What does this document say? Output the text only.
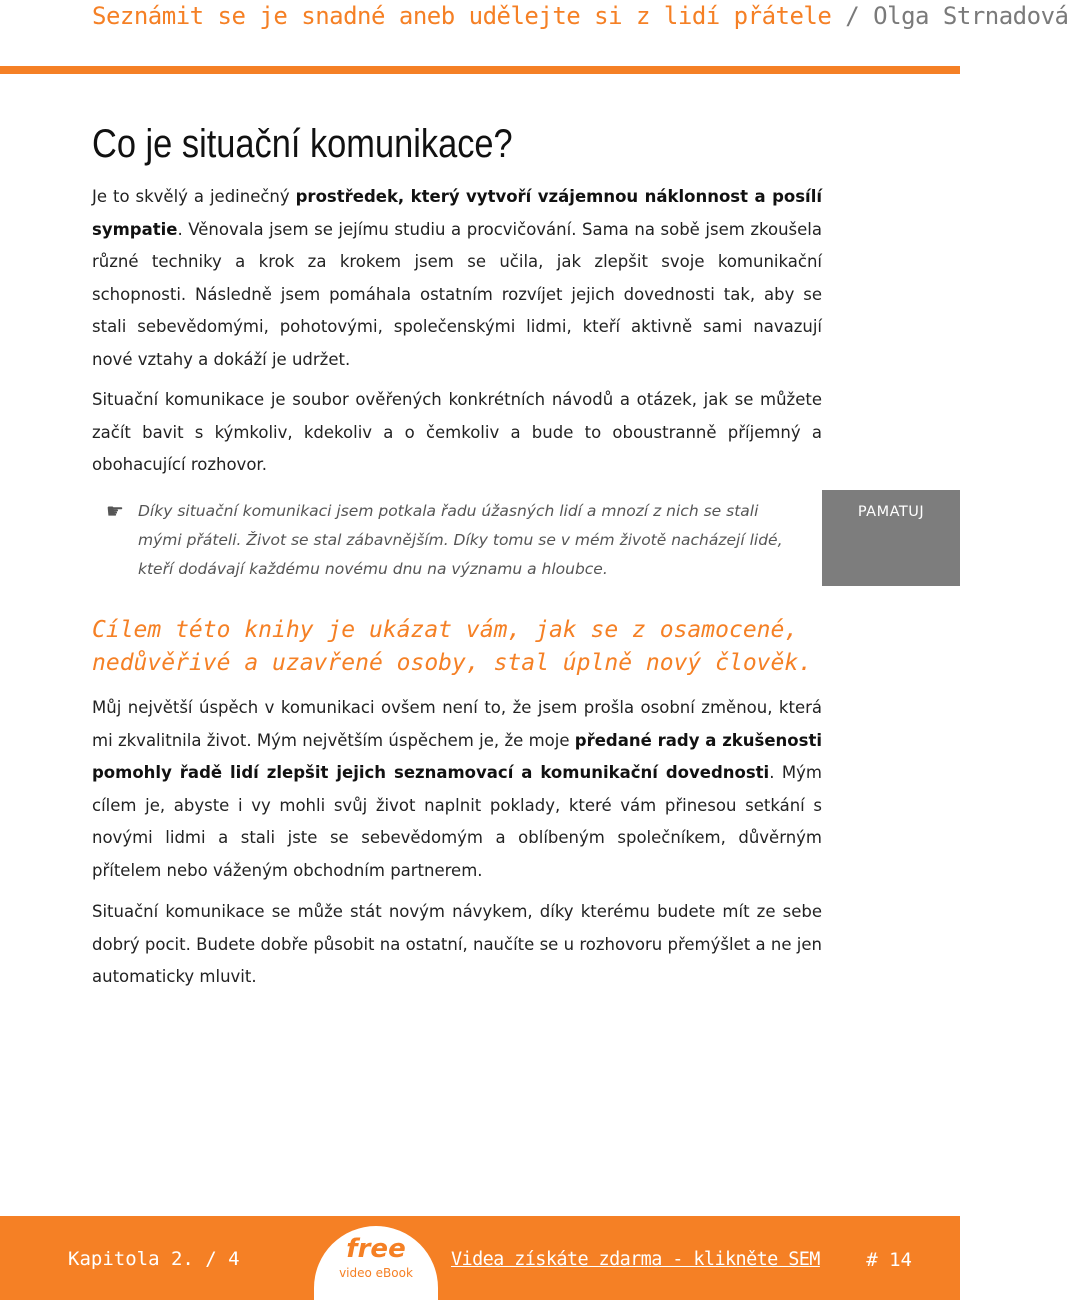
Seznámit se je snadné aneb udělejte si z lidí přátele / Olga Strnadová
Co je situační komunikace?

Je to skvělý a jedinečný prostředek, který vytvoří vzájemnou náklonnost a posílí sympatie. Věnovala jsem se jejímu studiu a procvičování. Sama na sobě jsem zkoušela různé techniky a krok za krokem jsem se učila, jak zlepšit svoje komunikační schopnosti. Následně jsem pomáhala ostatním rozvíjet jejich dovednosti tak, aby se stali sebevědomými, pohotovými, společenskými lidmi, kteří aktivně sami navazují nové vztahy a dokáží je udržet.

Situační komunikace je soubor ověřených konkrétních návodů a otázek, jak se můžete začít bavit s kýmkoliv, kdekoliv a o čemkoliv a bude to oboustranně příjemný a obohacující rozhovor.

☛ Díky situační komunikaci jsem potkala řadu úžasných lidí a mnozí z nich se stali mými přáteli. Život se stal zábavnějším. Díky tomu se v mém životě nacházejí lidé, kteří dodávají každému novému dnu na významu a hloubce.

PAMATUJ
Cílem této knihy je ukázat vám, jak se z osamocené, nedůvěřivé a uzavřené osoby, stal úplně nový člověk.

Můj největší úspěch v komunikaci ovšem není to, že jsem prošla osobní změnou, která mi zkvalitnila život. Mým největším úspěchem je, že moje předané rady a zkušenosti pomohly řadě lidí zlepšit jejich seznamovací a komunikační dovednosti. Mým cílem je, abyste i vy mohli svůj život naplnit poklady, které vám přinesou setkání s novými lidmi a stali jste se sebevědomým a oblíbeným společníkem, důvěrným přítelem nebo váženým obchodním partnerem.

Situační komunikace se může stát novým návykem, díky kterému budete mít ze sebe dobrý pocit. Budete dobře působit na ostatní, naučíte se u rozhovoru přemýšlet a ne jen automaticky mluvit.

Kapitola 2. / 4	free
video eBook
Videa získáte zdarma - klikněte SEM # 14
